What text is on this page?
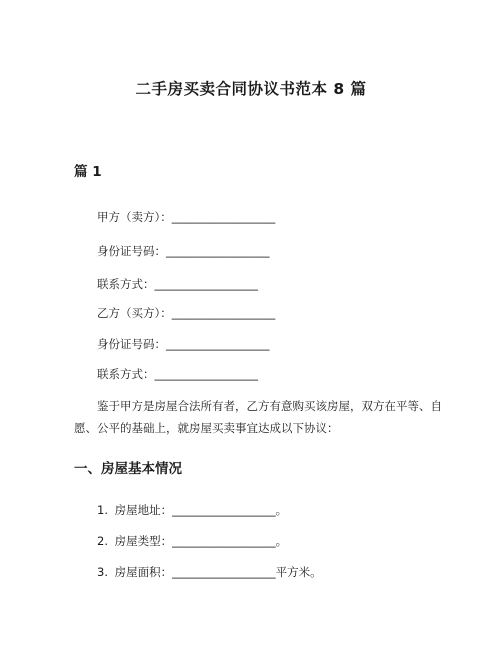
二手房买卖合同协议书范本 8 篇
篇 1
甲方（卖方）：__________________
身份证号码：__________________
联系方式：__________________
乙方（买方）：__________________
身份证号码：__________________
联系方式：__________________
鉴于甲方是房屋合法所有者，乙方有意购买该房屋，双方在平等、自愿、公平的基础上，就房屋买卖事宜达成以下协议：
一、房屋基本情况
1. 房屋地址：__________________。
2. 房屋类型：__________________。
3. 房屋面积：__________________平方米。
